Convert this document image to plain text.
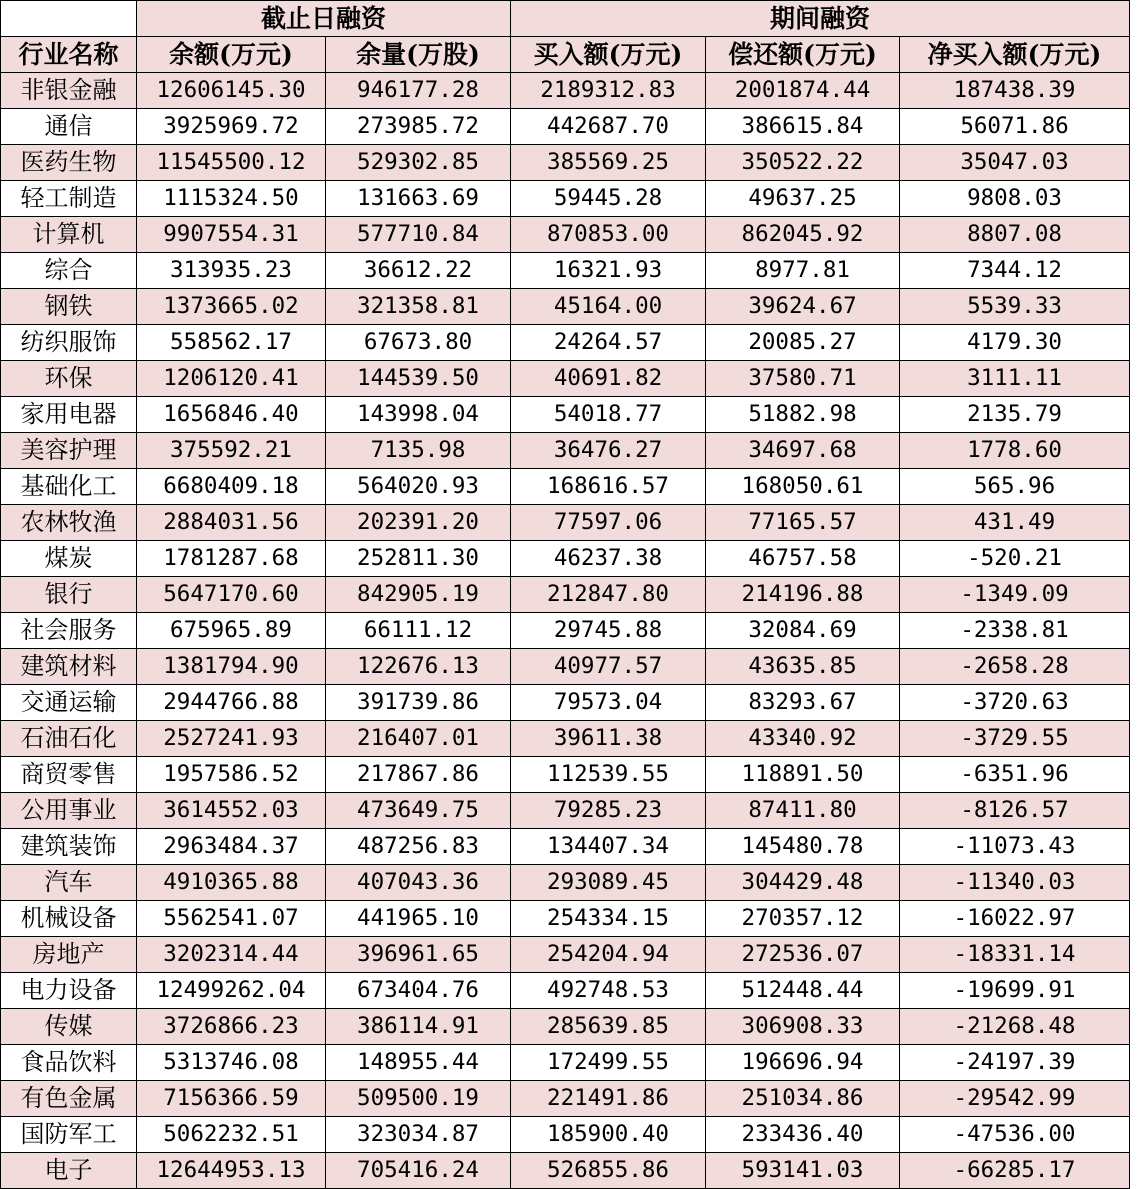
	截止日融资		期间融资		
行业名称	余额(万元)	余量(万股)	买入额(万元)	偿还额(万元)	净买入额(万元)
非银金融	12606145.30	946177.28	2189312.83	2001874.44	187438.39
通信	3925969.72	273985.72	442687.70	386615.84	56071.86
医药生物	11545500.12	529302.85	385569.25	350522.22	35047.03
轻工制造	1115324.50	131663.69	59445.28	49637.25	9808.03
计算机	9907554.31	577710.84	870853.00	862045.92	8807.08
综合	313935.23	36612.22	16321.93	8977.81	7344.12
钢铁	1373665.02	321358.81	45164.00	39624.67	5539.33
纺织服饰	558562.17	67673.80	24264.57	20085.27	4179.30
环保	1206120.41	144539.50	40691.82	37580.71	3111.11
家用电器	1656846.40	143998.04	54018.77	51882.98	2135.79
美容护理	375592.21	7135.98	36476.27	34697.68	1778.60
基础化工	6680409.18	564020.93	168616.57	168050.61	565.96
农林牧渔	2884031.56	202391.20	77597.06	77165.57	431.49
煤炭	1781287.68	252811.30	46237.38	46757.58	-520.21
银行	5647170.60	842905.19	212847.80	214196.88	-1349.09
社会服务	675965.89	66111.12	29745.88	32084.69	-2338.81
建筑材料	1381794.90	122676.13	40977.57	43635.85	-2658.28
交通运输	2944766.88	391739.86	79573.04	83293.67	-3720.63
石油石化	2527241.93	216407.01	39611.38	43340.92	-3729.55
商贸零售	1957586.52	217867.86	112539.55	118891.50	-6351.96
公用事业	3614552.03	473649.75	79285.23	87411.80	-8126.57
建筑装饰	2963484.37	487256.83	134407.34	145480.78	-11073.43
汽车	4910365.88	407043.36	293089.45	304429.48	-11340.03
机械设备	5562541.07	441965.10	254334.15	270357.12	-16022.97
房地产	3202314.44	396961.65	254204.94	272536.07	-18331.14
电力设备	12499262.04	673404.76	492748.53	512448.44	-19699.91
传媒	3726866.23	386114.91	285639.85	306908.33	-21268.48
食品饮料	5313746.08	148955.44	172499.55	196696.94	-24197.39
有色金属	7156366.59	509500.19	221491.86	251034.86	-29542.99
国防军工	5062232.51	323034.87	185900.40	233436.40	-47536.00
电子	12644953.13	705416.24	526855.86	593141.03	-66285.17
